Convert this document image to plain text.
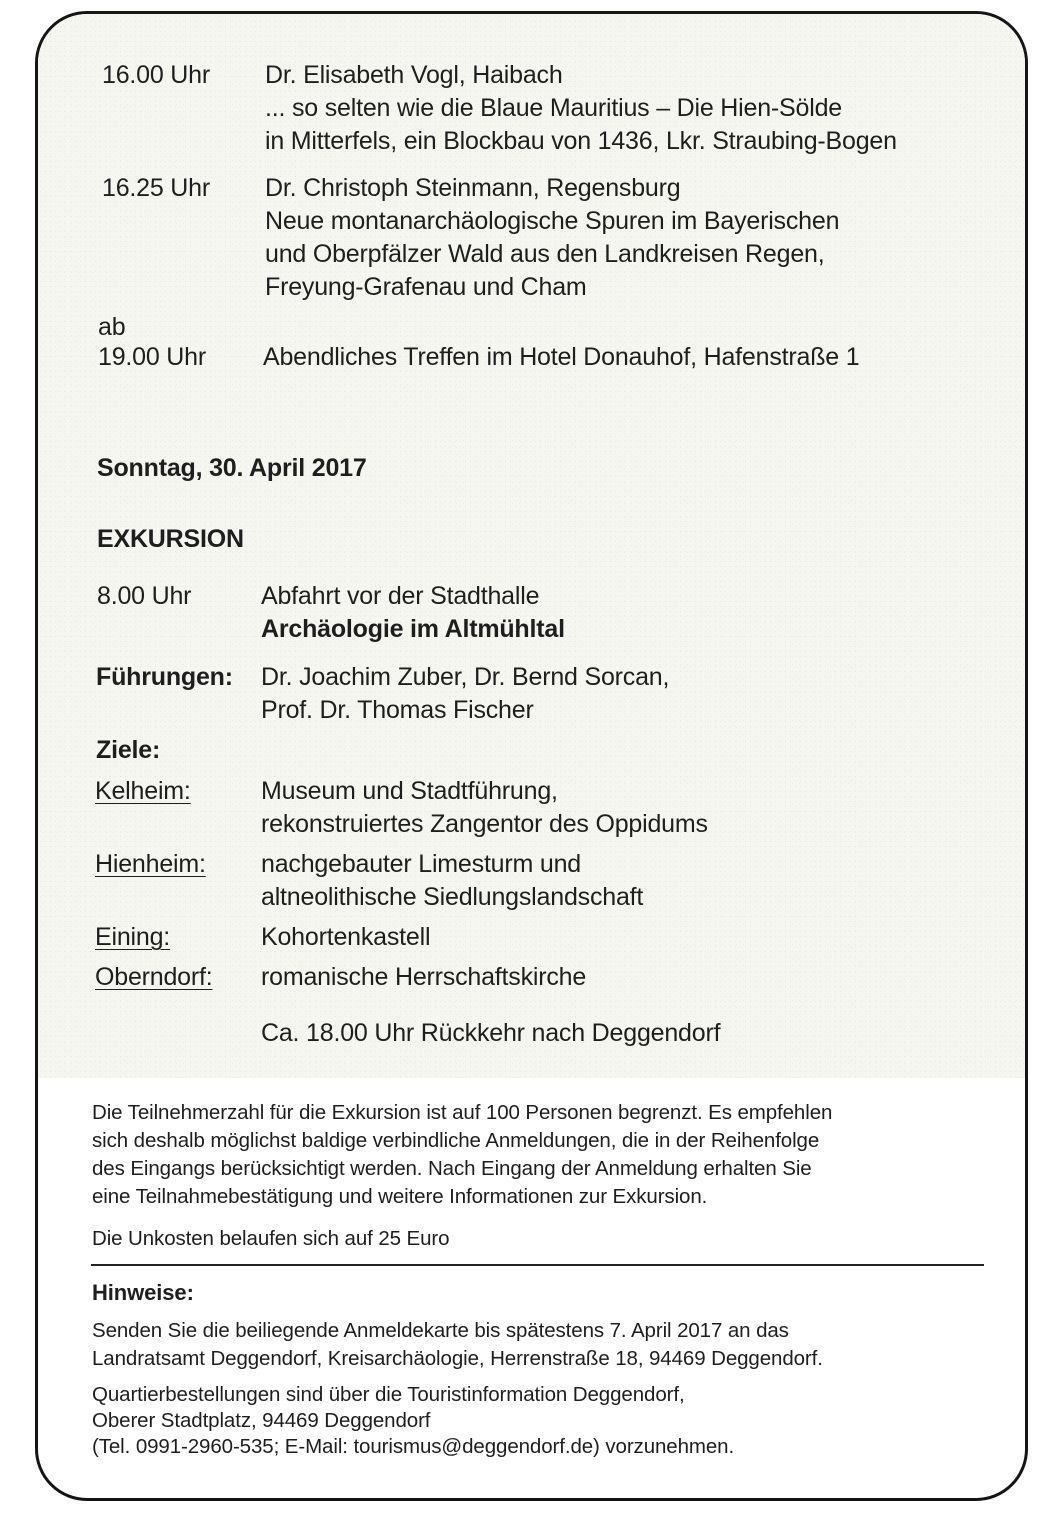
16.00 Uhr Dr. Elisabeth Vogl, Haibach
... so selten wie die Blaue Mauritius – Die Hien-Sölde
in Mitterfels, ein Blockbau von 1436, Lkr. Straubing-Bogen
16.25 Uhr Dr. Christoph Steinmann, Regensburg
Neue montanarchäologische Spuren im Bayerischen
und Oberpfälzer Wald aus den Landkreisen Regen,
Freyung-Grafenau und Cham
ab
19.00 Uhr Abendliches Treffen im Hotel Donauhof, Hafenstraße 1
Sonntag, 30. April 2017
EXKURSION
8.00 Uhr	Abfahrt vor der Stadthalle
Archäologie im Altmühltal
Führungen: Dr. Joachim Zuber, Dr. Bernd Sorcan,
Prof. Dr. Thomas Fischer
Ziele:
Kelheim:	Museum und Stadtführung,
rekonstruiertes Zangentor des Oppidums
Hienheim: nachgebauter Limesturm und
altneolithische Siedlungslandschaft
Eining:	Kohortenkastell
Oberndorf: romanische Herrschaftskirche
Ca. 18.00 Uhr Rückkehr nach Deggendorf
Die Teilnehmerzahl für die Exkursion ist auf 100 Personen begrenzt. Es empfehlen
sich deshalb möglichst baldige verbindliche Anmeldungen, die in der Reihenfolge
des Eingangs berücksichtigt werden. Nach Eingang der Anmeldung erhalten Sie
eine Teilnahmebestätigung und weitere Informationen zur Exkursion.
Die Unkosten belaufen sich auf 25 Euro
Hinweise:
Senden Sie die beiliegende Anmeldekarte bis spätestens 7. April 2017 an das
Landratsamt Deggendorf, Kreisarchäologie, Herrenstraße 18, 94469 Deggendorf.
Quartierbestellungen sind über die Touristinformation Deggendorf,
Oberer Stadtplatz, 94469 Deggendorf
(Tel. 0991-2960-535; E-Mail: tourismus@deggendorf.de) vorzunehmen.
